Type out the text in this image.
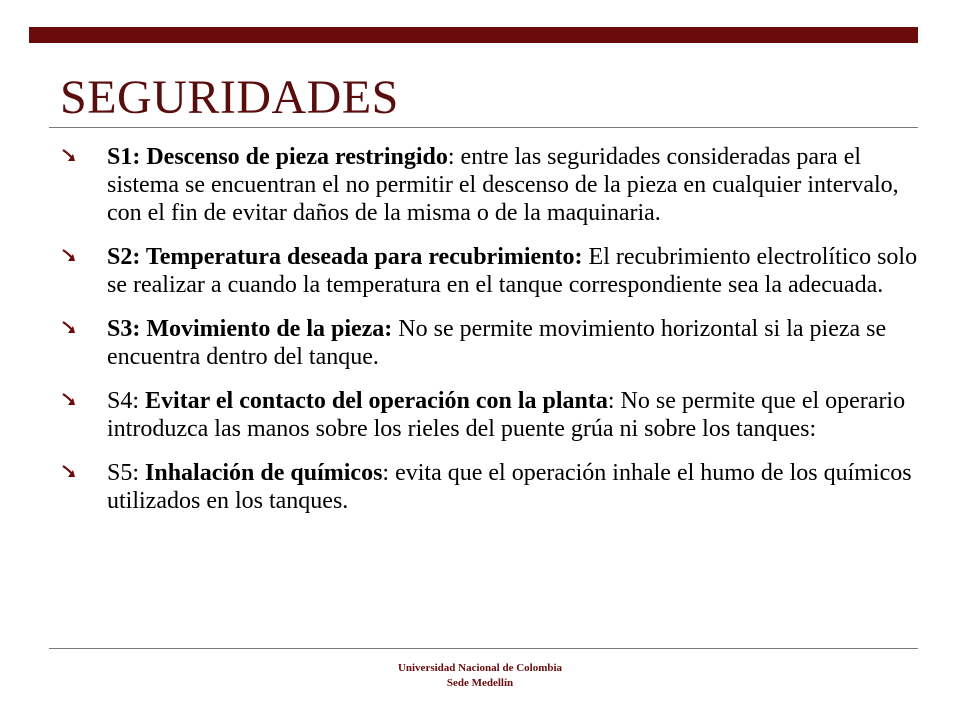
SEGURIDADES
S1: Descenso de pieza restringido: entre las seguridades consideradas para el sistema se encuentran el no permitir el descenso de la pieza en cualquier intervalo, con el fin de evitar daños de la misma o de la maquinaria.
S2: Temperatura deseada para recubrimiento: El recubrimiento electrolítico solo se realizar a cuando la temperatura en el tanque correspondiente sea la adecuada.
S3: Movimiento de la pieza: No se permite movimiento horizontal si la pieza se encuentra dentro del tanque.
S4: Evitar el contacto del operación con la planta: No se permite que el operario introduzca las manos sobre los rieles del puente grúa ni sobre los tanques:
S5: Inhalación de químicos: evita que el operación inhale el humo de los químicos utilizados en los tanques.
Universidad Nacional de Colombia
Sede Medellín
